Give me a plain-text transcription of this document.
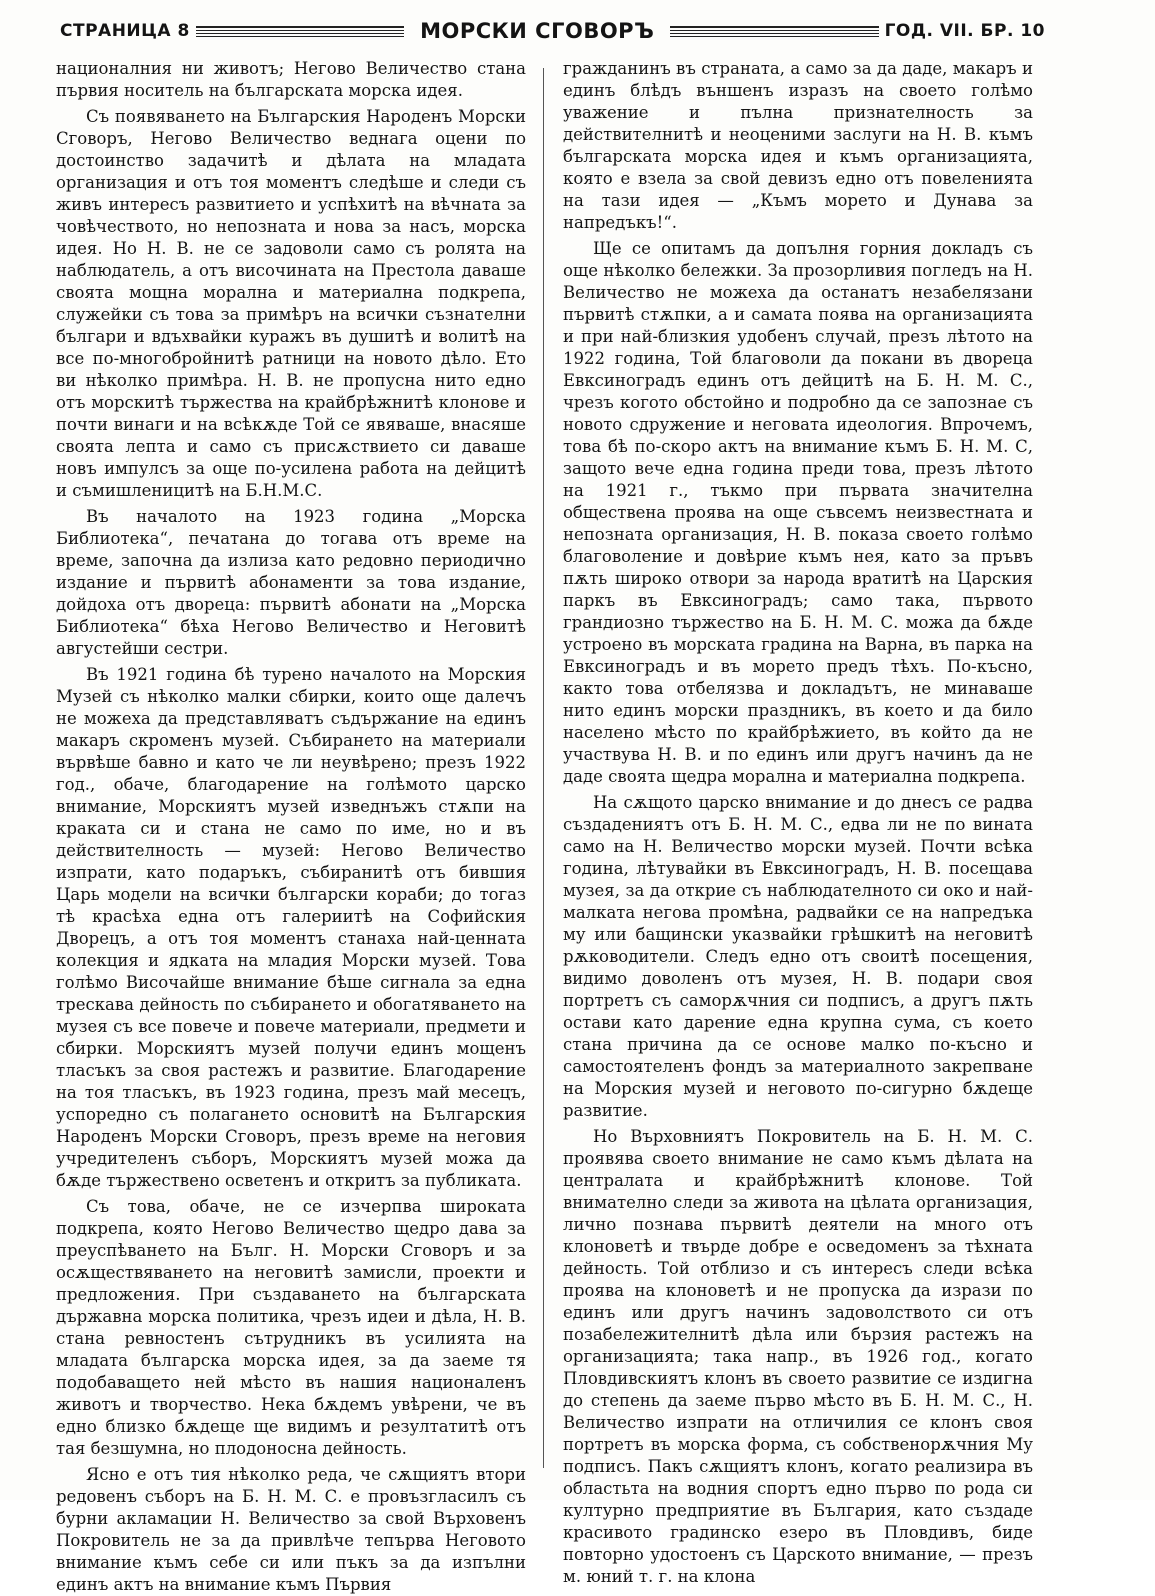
СТРАНИЦА 8	МОРСКИ СГОВОРЪ	ГОД. VII. БР. 10

националния ни животъ; Негово Величество стана първия носитель на българската морска идея.

Съ появяването на Българския Народенъ Морски Сговоръ, Негово Величество веднага оцени по достоинство задачитѣ и дѣлата на младата организация и отъ тоя моментъ следѣше и следи съ живъ интересъ развитието и успѣхитѣ на вѣчната за човѣчеството, но непозната и нова за насъ, морска идея. Но Н. В. не се задоволи само съ ролята на наблюдатель, а отъ височината на Престола даваше своята мощна морална и материална подкрепа, служейки съ това за примѣръ на всички съзнателни българи и вдъхвайки куражъ въ душитѣ и волитѣ на все по-многобройнитѣ ратници на новото дѣло. Ето ви нѣколко примѣра. Н. В. не пропусна нито едно отъ морскитѣ тържества на крайбрѣжнитѣ клонове и почти винаги и на всѣкѫде Той се явяваше, внасяше своята лепта и само съ присѫствието си даваше новъ импулсъ за още по-усилена работа на дейцитѣ и съмишленицитѣ на Б.Н.М.С.

Въ началото на 1923 година „Морска Библиотека“, печатана до тогава отъ време на време, започна да излиза като редовно периодично издание и първитѣ абонаменти за това издание, дойдоха отъ двореца: първитѣ абонати на „Морска Библиотека“ бѣха Негово Величество и Неговитѣ августейши сестри.

Въ 1921 година бѣ турено началото на Морския Музей съ нѣколко малки сбирки, които още далечъ не можеха да представляватъ съдържание на единъ макаръ скроменъ музей. Събирането на материали вървѣше бавно и като че ли неувѣрено; презъ 1922 год., обаче, благодарение на голѣмото царско внимание, Морскиятъ музей изведнъжъ стѫпи на краката си и стана не само по име, но и въ действителность — музей: Негово Величество изпрати, като подаръкъ, събиранитѣ отъ бившия Царь модели на всички български кораби; до тогаз тѣ красѣха една отъ галериитѣ на Софийския Дворецъ, а отъ тоя моментъ станаха най-ценната колекция и ядката на младия Морски музей. Това голѣмо Височайше внимание бѣше сигнала за една трескава дейность по събирането и обогатяването на музея съ все повече и повече материали, предмети и сбирки. Морскиятъ музей получи единъ мощенъ тласъкъ за своя растежъ и развитие. Благодарение на тоя тласъкъ, въ 1923 година, презъ май месецъ, успоредно съ полагането основитѣ на Българския Народенъ Морски Сговоръ, презъ време на неговия учредителенъ съборъ, Морскиятъ музей можа да бѫде тържествено осветенъ и откритъ за публиката.

Съ това, обаче, не се изчерпва широката подкрепа, която Негово Величество щедро дава за преуспѣването на Бълг. Н. Морски Сговоръ и за осѫществяването на неговитѣ замисли, проекти и предложения. При създаването на българската държавна морска политика, чрезъ идеи и дѣла, Н. В. стана ревностенъ сътрудникъ въ усилията на младата българска морска идея, за да заеме тя подобаващето ней мѣсто въ нашия националенъ животъ и творчество. Нека бѫдемъ увѣрени, че въ едно близко бѫдеще ще видимъ и резултатитѣ отъ тая безшумна, но плодоносна дейность.

Ясно е отъ тия нѣколко реда, че сѫщиятъ втори редовенъ съборъ на Б. Н. М. С. е провъзгласилъ съ бурни акламации Н. Величество за свой Върховенъ Покровитель не за да привлѣче тепърва Неговото внимание къмъ себе си или пъкъ за да изпълни единъ актъ на внимание къмъ Първия

гражданинъ въ страната, а само за да даде, макаръ и единъ блѣдъ външенъ изразъ на своето голѣмо уважение и пълна признателность за действителнитѣ и неоценими заслуги на Н. В. къмъ българската морска идея и къмъ организацията, която е взела за свой девизъ едно отъ повеленията на тази идея — „Къмъ морето и Дунава за напредъкъ!“.

Ще се опитамъ да допълня горния докладъ съ още нѣколко бележки. За прозорливия погледъ на Н. Величество не можеха да останатъ незабелязани първитѣ стѫпки, а и самата поява на организацията и при най-близкия удобенъ случай, презъ лѣтото на 1922 година, Той благоволи да покани въ двореца Евксиноградъ единъ отъ дейцитѣ на Б. Н. М. С., чрезъ когото обстойно и подробно да се запознае съ новото сдружение и неговата идеология. Впрочемъ, това бѣ по-скоро актъ на внимание къмъ Б. Н. М. С, защото вече една година преди това, презъ лѣтото на 1921 г., тъкмо при първата значителна обществена проява на още съвсемъ неизвестната и непозната организация, Н. В. показа своето голѣмо благоволение и довѣрие къмъ нея, като за пръвъ пѫть широко отвори за народа вратитѣ на Царския паркъ въ Евксиноградъ; само така, първото грандиозно тържество на Б. Н. М. С. можа да бѫде устроено въ морската градина на Варна, въ парка на Евксиноградъ и въ морето предъ тѣхъ. По-късно, както това отбелязва и докладътъ, не минаваше нито единъ морски праздникъ, въ което и да било населено мѣсто по крайбрѣжието, въ който да не участвува Н. В. и по единъ или другъ начинъ да не даде своята щедра морална и материална подкрепа.

На сѫщото царско внимание и до днесъ се радва създадениятъ отъ Б. Н. М. С., едва ли не по вината само на Н. Величество морски музей. Почти всѣка година, лѣтувайки въ Евксиноградъ, Н. В. посещава музея, за да открие съ наблюдателното си око и най-малката негова промѣна, радвайки се на напредъка му или бащински указвайки грѣшкитѣ на неговитѣ рѫководители. Следъ едно отъ своитѣ посещения, видимо доволенъ отъ музея, Н. В. подари своя портретъ съ саморѫчния си подписъ, а другъ пѫть остави като дарение една крупна сума, съ което стана причина да се основе малко по-късно и самостоятеленъ фондъ за материалното закрепване на Морския музей и неговото по-сигурно бѫдеще развитие.

Но Върховниятъ Покровитель на Б. Н. М. С. проявява своето внимание не само къмъ дѣлата на централата и крайбрѣжнитѣ клонове. Той внимателно следи за живота на цѣлата организация, лично познава първитѣ деятели на много отъ клоноветѣ и твърде добре е осведоменъ за тѣхната дейность. Той отблизо и съ интересъ следи всѣка проява на клоноветѣ и не пропуска да изрази по единъ или другъ начинъ задоволството си отъ позабележителнитѣ дѣла или бързия растежъ на организацията; така напр., въ 1926 год., когато Пловдивскиятъ клонъ въ своето развитие се издигна до степень да заеме първо мѣсто въ Б. Н. М. С., Н. Величество изпрати на отличилия се клонъ своя портретъ въ морска форма, съ собственорѫчния Му подписъ. Пакъ сѫщиятъ клонъ, когато реализира въ областьта на водния спортъ едно първо по рода си културно предприятие въ България, като създаде красивото градинско езеро въ Пловдивъ, биде повторно удостоенъ съ Царското внимание, — презъ м. юний т. г. на клона
